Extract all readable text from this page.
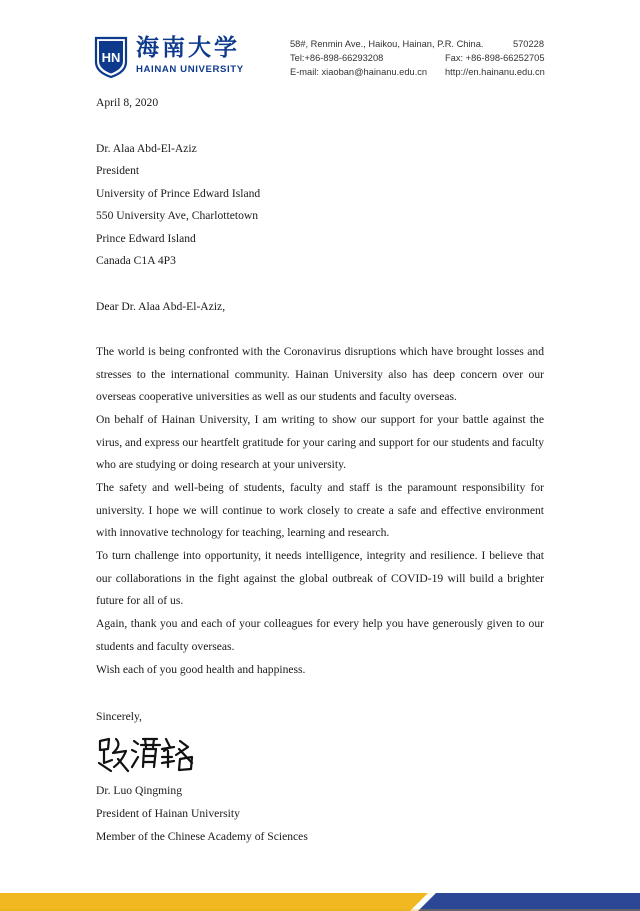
HN 海南大学
HAINAN UNIVERSITY
58#, Renmin Ave., Haikou, Hainan, P.R. China.
Tel:+86-898-66293208
E-mail: xiaoban@hainanu.edu.cn
570228
Fax: +86-898-66252705
http://en.hainanu.edu.cn
April 8, 2020
Dr. Alaa Abd-El-Aziz
President
University of Prince Edward Island
550 University Ave, Charlottetown
Prince Edward Island
Canada C1A 4P3
Dear Dr. Alaa Abd-El-Aziz,
The world is being confronted with the Coronavirus disruptions which have brought losses and stresses to the international community. Hainan University also has deep concern over our overseas cooperative universities as well as our students and faculty overseas.
On behalf of Hainan University, I am writing to show our support for your battle against the virus, and express our heartfelt gratitude for your caring and support for our students and faculty who are studying or doing research at your university.
The safety and well-being of students, faculty and staff is the paramount responsibility for university. I hope we will continue to work closely to create a safe and effective environment with innovative technology for teaching, learning and research.
To turn challenge into opportunity, it needs intelligence, integrity and resilience. I believe that our collaborations in the fight against the global outbreak of COVID-19 will build a brighter future for all of us.
Again, thank you and each of your colleagues for every help you have generously given to our students and faculty overseas.
Wish each of you good health and happiness.
Sincerely,
Dr. Luo Qingming
President of Hainan University
Member of the Chinese Academy of Sciences
